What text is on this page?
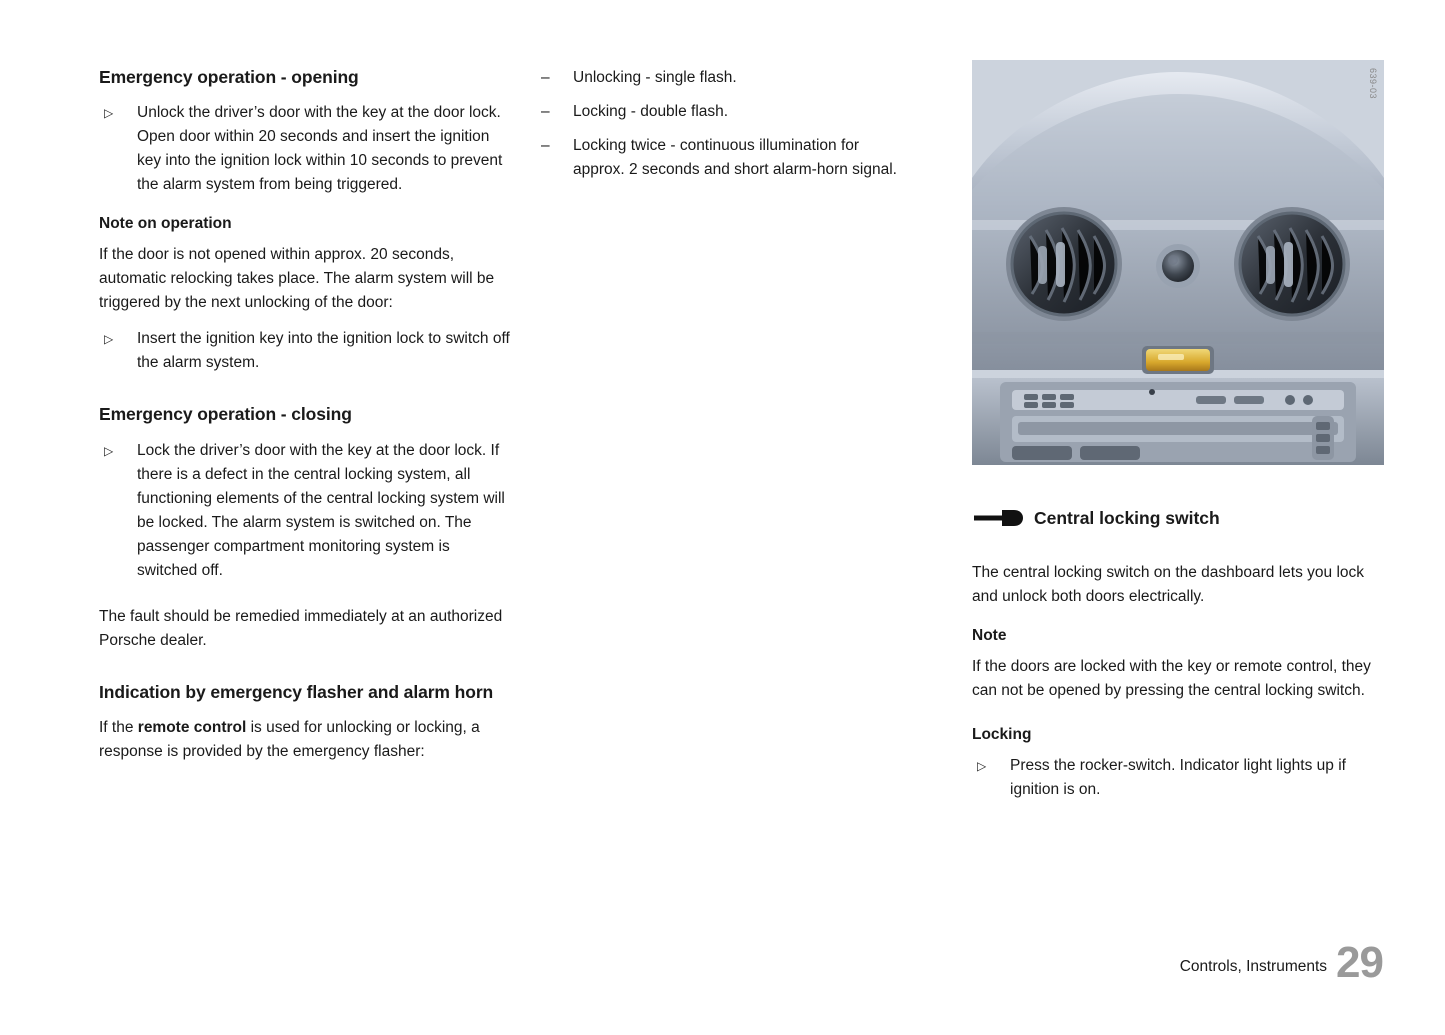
Emergency operation - opening
▷ Unlock the driver’s door with the key at the door lock. Open door within 20 seconds and insert the ignition key into the ignition lock within 10 seconds to prevent the alarm system from being triggered.
Note on operation

If the door is not opened within approx. 20 seconds, automatic relocking takes place. The alarm system will be triggered by the next unlocking of the door:

▷ Insert the ignition key into the ignition lock to switch off the alarm system.
Emergency operation - closing
▷ Lock the driver’s door with the key at the door lock. If there is a defect in the central locking system, all functioning elements of the central locking system will be locked. The alarm system is switched on. The passenger compartment monitoring system is switched off.

The fault should be remedied immediately at an authorized Porsche dealer.

Indication by emergency flasher and alarm horn

If the remote control is used for unlocking or locking, a response is provided by the emergency flasher:

– Unlocking - single flash.
– Locking - double flash.
– Locking twice - continuous illumination for approx. 2 seconds and short alarm-horn signal.
639-03
Central locking switch

The central locking switch on the dashboard lets you lock and unlock both doors electrically.

Note

If the doors are locked with the key or remote control, they can not be opened by pressing the central locking switch.

Locking
▷ Press the rocker-switch. Indicator light lights up if ignition is on.
Controls, Instruments 29
